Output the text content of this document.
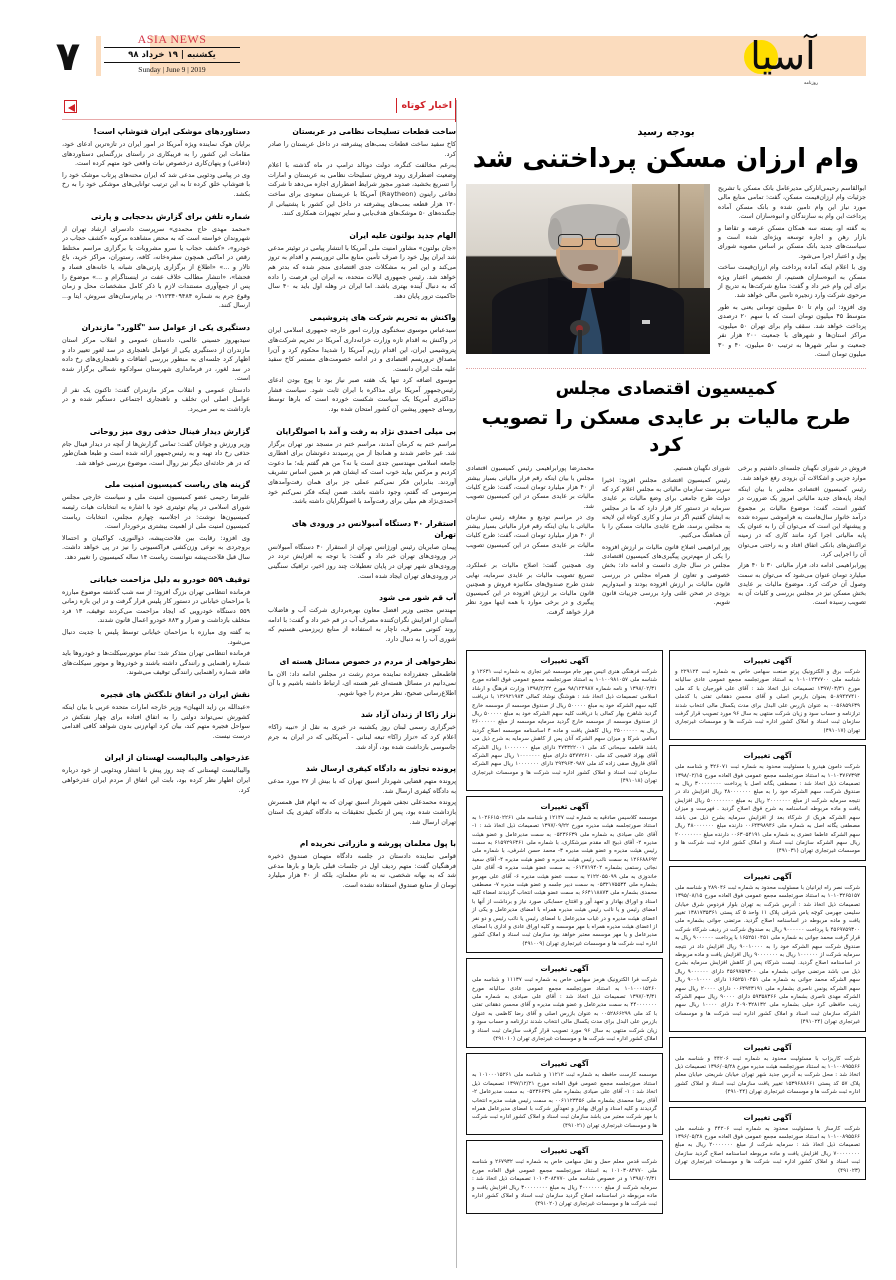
۷	ASIA NEWS
یکشنبه | ۱۹ خرداد ۹۸
Sunday | June 9 | 2019	آسیا
روزنامه
اخبار کوتاه
دستاوردهای موشکی ایران فتوشاپ است!

برایان هوک نماینده ویژه آمریکا در امور ایران در تازه‌ترین ادعای خود، مقامات این کشور را به فریبکاری در راستای بزرگنمایی دستاوردهای (دفاعی) و پنهان‌کاری درخصوص نیات واقعی خود متهم کرده است.

وی در پیامی ودئویی مدعی شد که ایران محنه‌های پرتاب موشک خود را با فتوشاپ خلق کرده تا به این ترتیب توانایی‌های موشکی خود را به رخ بکشد.

شماره تلفن برای گزارش بدحجابی و پارتی

«محمد مهدی حاج محمدی» سرپرست دادسرای ارشاد تهران از شهروندان خواسته است که به محض مشاهده مرکوبه «کشف حجاب در خودرو»، «کشف حجاب یا سرو مشروبات یا برگزاری مراسم مختلط رقص در اماکنی همچون سفره‌خانه، کافه، رستوران، مراکز خرید، باغ تالار و ...» «اطلاع از برگزاری پارتی‌های شبانه یا خانه‌های فساد و فحشا»، «انتشار مطالب خلاف عفت در اینستاگرام و ...» موضوع را پس از جمع‌آوری مستندات لازم با ذکر کامل مشخصات محل و زمان وقوع جرم به شماره ۰۹۱۲۳۴۰۹۴۸۴ در پیام‌رسان‌های سروش، ایتا و... ارسال کنند.

دستگیری یکی از عوامل سد "گلورد" مازندران

سیدبهروز حسینی عالمی، دادستان عمومی و انقلاب مرکز استان مازندران از دستگیری یکی از عوامل ناهنجاری در سد لغور تعییر داد و اظهار کرد جلسه‌ای به منظور بررسی اتفاقات و ناهنجاری‌های رخ داده در سد لغور، در فرمانداری شهرستان سوادکوه شمالی برگزار شده است.

دادستان عمومی و انقلاب مرکز مازندران گفت: تاکنون یک نفر از عوامل اصلی این تخلف و ناهنجاری اجتماعی دستگیر شده و در بازداشت به سر می‌برد.

گزارش دیدار فینال حذفی روی میز روحانی

وزیر ورزش و جوانان گفت: تمامی گزارش‌ها از آنچه در دیدار فینال جام حذفی رخ داد تهیه و به رئیس‌جمهور ارائه شده است و طبعا همان‌طور که در هر حادثه‌ای دیگر نیز روال است، موضوع بررسی خواهد شد.

گزینه های ریاست کمیسیون امنیت ملی

علیرضا رحیمی عضو کمیسیون امنیت ملی و سیاست خارجی مجلس شورای اسلامی در پیام توئیتری خود با اشاره به انتخابات هیات رئیسه کمیسیون‌ها نوشت: در اجلاسیه چهارم مجلس، انتخابات ریاست کمیسیون امنیت ملی از اهمیت بیشتری برخوردار است.

وی افزود: رقابت بین فلاحت‌پیشه، ذوالنوری، کواکبیان و احتمالا بروجردی به نوعی وزن‌کشی فراکسیونی را نیز در پی خواهد داشت. سال قبل فلاحت‌پیشه نتوانست ریاست ۱۴ ساله کمیسیون را تغییر دهد.

توقیف ۵۵۹ خودرو به دلیل مزاحمت خیابانی

فرمانده انتظامی تهران بزرگ افزود: از سه شب گذشته موضوع مبارزه با مزاحمان خیابانی در دستور کار پلیس قرار گرفت و در این بازه زمانی ۵۵۹ دستگاه خودرویی که ایجاد مزاحمت می‌کردند توقیف، ۱۳ فرد متخلف بازداشت و ضرار و ۸۸۳ خودرو اعمال قانون شدند.

به گفته وی مبارزه با مزاحمان خیابانی توسط پلیس با جدیت دنبال می‌شود.

فرمانده انتظامی تهران متذکر شد: تمام موتورسیکلت‌ها و خودروها باید شماره راهنمایی و رانندگی داشته باشند و خودروها و موتور سیکلت‌های فاقد شماره راهنمایی رانندگی توقیف می‌شوند.

نقش ایران در اتفاق تلنگکش های فجیره

«عبدالله بن زاید النهیان» وزیر خارجه امارات متحده عربی با بیان اینکه کشورش نمی‌تواند دولتی را به اتفاق افتاده برای چهار نفتکش در سواحل فجیره متهم کند، بیان کرد اتهام‌زنی بدون شواهد کافی اقدامی درست نیست.

عذرخواهی والیبالیست لهستان از ایران

والیبالیست لهستانی که چند روز پیش با انتشار ویدئویی از خود درباره ایران اظهار نظر کرده بود، بابت این اتفاق از مردم ایران عذرخواهی کرد.

ساخت قطعات تسلیحات نظامی در عربستان

کاخ سفید ساخت قطعات بمب‌های پیشرفته در داخل عربستان را صادر کرد.

به‌رغم مخالفت کنگره، دولت دونالد ترامپ در ماه گذشته با اعلام وضعیت اضطراری روند فروش تسلیحات نظامی به عربستان و امارات را تسریع بخشید، صدور مجوز شرایط اضطراری اجازه می‌دهد تا شرکت دفاعی راینون (Raytheon) آمریکا با عربستان سعودی برای ساخت ۱۲۰ هزار قطعه بمب‌های پیشرفته در داخل این کشور با پشتیبانی از جنگنده‌های ۵۰ موشک‌های هدف‌یابی و سایر تجهیزات همکاری کنند.

الهام جدید بولتون علیه ایران

«جان بولتون» مشاور امنیت ملی آمریکا با انتشار پیامی در توئیتر مدعی شد ایران پول خود را صرف تأمین منابع مالی تروریسم و اقدام به تروز می‌کند و این امر به مشکلات جدی اقتصادی منجر شده که بدتر هم خواهد شد. رئیس جمهوری ایالات متحده، به ایران این فرصت را داده که به دنبال آینده بهتری باشد. اما ایران در وهله اول باید به ۴۰ سال حاکمیت ترور پایان دهد.

واکنش به تحریم شرکت های پتروشیمی

سیدعباس موسوی سخنگوی وزارت امور خارجه جمهوری اسلامی ایران در واکنش به اقدام تازه وزارت خزانه‌داری آمریکا در تحریم شرکت‌های پتروشیمی ایران، این اقدام رژیم آمریکا را شدیدا محکوم کرد و آن‌را مصداق تروریسم اقتصادی و در ادامه خصومت‌های مستمر کاخ سفید علیه ملت ایران دانست.

موسوی اضافه کرد تنها یک هفته صبر نیاز بود تا پوچ بودن ادعای رئیس‌جمهور آمریکا برای مذاکره با ایران ثابت شود. سیاست فشار حداکثری آمریکا یک سیاست شکست خورده است که بارها توسط روسای جمهور پیشین آن کشور امتحان شده بود.

بی میلی احمدی نژاد به رفت و آمد با اصولگرایان

مراسم ختم به کرمان آمدند، مراسم ختم در مسجد نور تهران برگزار شد. غیر حاضر شدند و همانجا از من پرسیدند دعوتشان برای افطاری جامعه اسلامی مهندسین جدی است یا نه؟ من هم گفتم بله؛ ما دعوت کردیم و مرکس بیاید خوب است که ایشان هم بر همین اساس تشریف آوردند. بنابراین فکر نمی‌کنم عملی جز برای همان رفت‌وآمدهای مرسومی که گفتم، وجود داشته باشد. ضمن اینکه فکر نمی‌کنم خود احمدی‌نژاد هم میلی برای رفت‌وآمد با اصولگرایان داشته باشد.

استقرار ۴۰ دستگاه آمبولانس در ورودی های تهران

پیمان صابریان رئیس اورژانس تهران از استقرار ۴۰ دستگاه آمبولانس در ورودی‌های تهران خبر داد و گفت: با توجه به افزایش تردد در ورودی‌های شهر تهران در پایان تعطیلات چند روز اخیر، ترافیک سنگینی در ورودی‌های تهران ایجاد شده است.

آب قم شور می شود

مهندس مجتبی وزیر افضل معاون بهره‌برداری شرکت آب و فاضلاب استان از افزایش نگران‌کننده مصرف آب در قم خبر داد و گفت: با ادامه روند کنونی مصرف، ناچار به استفاده از منابع زیرزمینی هستیم که شوری آب را به دنبال دارد.

نظرخواهی از مردم در خصوص مسائل هسته ای

فاطمعلی جعفرزاده نماینده مردم رشت در مجلس ادامه داد: الان ما نمی‌دانیم در مسائل هسته‌ای غیر هسته ای، ارتباط داشته باشیم و با آن اطلاع‌رسانی صحیح، نظر مردم را جویا شویم.

نزار زاکا از زندان آزاد شد

خبرگزاری رسمی لبنان روز یکشنبه در خبری به نقل از «نبیه زاکا» اعلام کرد که «نزار زاکا» تبعه لبنانی - آمریکایی که در ایران به جرم جاسوسی بازداشت شده بود، آزاد شد.

پرونده تجاوز به دادگاه کیفری ارسال شد

پرونده متهم قضایی شهردار اسبق تهران که با بیش از ۲۷ مورد مدعی به دادگاه کیفری ارسال شد.

پرونده محمدعلی نجفی شهردار اسبق تهران که به اتهام قتل همسرش بازداشت شده بود، پس از تکمیل تحقیقات به دادگاه کیفری یک استان تهران ارسال شد.

با پول معلمان پورشه و مازراتی نخریده ام

قوامی نماینده دادستان در جلسه دادگاه متهمان صندوق ذخیره فرهنگیان گفت: متهم ردیف اول در جلسات قبلی بارها و بارها مدعی شد که به بهانه شخصی، نه به نام معلمان، بلکه از ۴۰ هزار میلیارد تومان از منابع صندوق استفاده نشده است.

بودجه رسید
وام ارزان مسکن پرداختنی شد

ابوالقاسم رحیمی‌انارکی مدیرعامل بانک مسکن با تشریح جزئیات وام ارزان‌قیمت مسکن، گفت: تمامی منابع مالی مورد نیاز این وام تامین شده و بانک مسکن آماده پرداخت این وام به سازندگان و انبوه‌سازان است.

به گفته او، بسته سه همکان مسکن عرضه و تقاضا و بازار رهن و اجاره توسعه ویژه‌ای شده است و سیاست‌های جدید بانک مسکن بر اساس مصوبه شورای پول و اعتبار اجرا می‌شود.

وی با اعلام اینکه آماده پرداخت وام ارزان‌قیمت ساخت مسکن به انبوه‌سازان هستیم، از تخصیص اعتبار ویژه برای این وام خبر داد و گفت: منابع شرکت‌ها به تدریج از مرحوی شرکت وارد زنجیره تامین مالی خواهد شد.

وی افزود: این وام تا ۵۰ میلیون تومانی یعنی به طور متوسط ۴۵ میلیون تومان است که با سهم ۲۰ درصدی پرداخت خواهد شد. سقف وام برای تهران ۵۰ میلیون، مراکز استان‌ها و شهرهای با جمعیت ۲۰۰ هزار نفر جمعیت و سایر شهرها به ترتیب ۵۰ میلیون، ۴۰ و ۳۰ میلیون تومان است.

کمیسیون اقتصادی مجلس
طرح مالیات بر عایدی مسکن را تصویب کرد

محمدرضا پورابراهیمی رئیس کمیسیون اقتصادی مجلس با بیان اینکه رقم فرار مالیاتی بسیار بیشتر از ۴۰ هزار میلیارد تومان است، گفت: طرح کلیات مالیات بر عایدی مسکن در این کمیسیون تصویب شد.

وی در مراسم تودیع و معارفه رئیس سازمان مالیاتی با بیان اینکه رقم فرار مالیاتی بسیار بیشتر از ۴۰ هزار میلیارد تومان است، گفت: طرح کلیات مالیات بر عایدی مسکن در این کمیسیون تصویب شد.

وی همچنین گفت: اصلاح مالیات بر عملکرد، تسریع تصویب مالیات بر عایدی سرمایه، نهایی شدن طرح صندوق‌های مکانیزه فروش و همچنین قانون مالیات بر ارزش افزوده در این کمیسیون پیگیری و در برخی موارد با همه اینها مورد نظر قرار خواهد گرفت.

شورای نگهبان هستیم.

رئیس کمیسیون اقتصادی مجلس افزود: اخیرا سرپرست سازمان مالیاتی به مجلس اعلام کرد که دولت طرح جامعی برای وضع مالیات بر عایدی سرمایه در دستور کار قرار دارد که ما در مجلس به ایشان گفتیم اگر در ساز و کاری کوتاه این لایحه به مجلس برسد، طرح عایدی مالیات مسکن را با آن هماهنگ می‌کنیم.

پور ابراهیمی اصلاح قانون مالیات بر ارزش افزوده را یکی از مهم‌ترین پیگیری‌های کمیسیون اقتصادی مجلس در سال جاری دانست و ادامه داد: بخش خصوصی و تعاون از همراه مجلس در بررسی قانون مالیات بر ارزش افزوده بودند و امیدواریم بزودی در صحن علنی وارد بررسی جزییات قانون شویم.

فروش در شورای نگهبان جلسه‌ای داشتیم و برخی موارد جزیی و اشکالات آن بزودی رفع خواهد شد.

رئیس کمیسیون اقتصادی مجلس با بیان اینکه ایجاد پایه‌های جدید مالیاتی امروز یک ضرورت در کشور است، گفت: موضوع مالیات بر مجموع درآمد خانوار سال‌هاست به فراموشی سپرده شده و پیشنهاد این است که می‌توان آن را به عنوان یک پایه مالیاتی اجرا کرد مانند کاری که در زمینه تراکنش‌های بانکی اتفاق افتاد و به راحتی می‌توان آن را اجرایی کرد.

پورابراهیمی ادامه داد، فرار مالیاتی ۳۰ تا ۴۰ هزار میلیارد تومان عنوان می‌شود که می‌توان به سمت وصول آن حرکت کرد. موضوع مالیات بر عایدی بخش مسکن نیز در مجلس بررسی و کلیات آن به تصویب رسیده است.

آگهی تغییرات
شرکت فرهنگی هنری اتیس مهر جام موسسه غیر تجاری به شماره ثبت ۱۲۶۳۱ و شناسه ملی ۱۰۱۰۰۹۸۱۰۵۷ به استناد صورتجلسه مجمع عمومی فوق العاده مورخ ۱۳۹۸/۰۲/۳۱ و نامه شماره ۹۸/۱۲۴۹۸۷ مورخ ۱۳۹۸/۲/۲۲ وزارت فرهنگ و ارشاد اسلامی تصمیمات ذیل اتخاذ شد : هوشنگ نوشاد کمالی ۱۳۶۹۲۱۹۸۳ با دریافت کلیه سهم الشرکه خود به مبلغ ۵۰۰۰۰۰ ریال از صندوق موسسه از موسسه خارج گردید شاهرخ بهار کمالی با دریافت کلیه سهم الشرکه خود به مبلغ ۵۰۰۰۰۰ ریال از صندوق موسسه از موسسه خارج گردید سرمایه موسسه از مبلغ ۲۶۰۰۰۰۰۰ ریال به ۲۵۰۰۰۰۰۰ ریال کاهش یافت و ماده ۴ اساسنامه موسسه اصلاح گردید اسامی شرکا و میزان سهم الشرکه آنان پس از کاهش سرمایه به شرح ذیل می باشد فاطمه سبحانی کد ملی ۴۷۳۳۲۲۰۰۱ دارای مبلغ ۱۰۰۰۰۰۰۰ ریال الشرکه آقای بهزاد لاهیجی کد ملی ۵۴۷۷۲۶۱۰ دارای مبلغ ۱۰۰۰۰۰۰۰ ریال سهم الشرکه آقای فاروق صفی زاده کد ملی ۲۹۴۹۶۳۰۹۸۷ دارای ۱۰۰۰۰۰۰۰ ریال سهم الشرکه سازمان ثبت اسناد و املاک کشور اداره ثبت شرکت ها و موسسات غیرتجاری تهران (۴۹۱۰۱۸)
آگهی تغییرات
موسسه کلاسیس صادقیه به شماره ثبت ۱۲۱۴۷ و شناسه ملی ۱۰۲۶۶۱۵۰۲۲۶۱ به استناد صورتجلسه هیئت مدیره مورخ ۱۳۹۷/۰۹/۲۲ تصمیمات ذیل اتخاذ شد : ۱- آقای علی صیادی به شماره ملی ۰۵۲۳۶۶۳۹ به سمت مدیرعامل و عضو هیئت مدیره ۲- آقای ذبیح اله مقدم میرشکاری، با شماره ملی ۶۱۵۹۲۹۶۳۶۱ به سمت رئیس هیئت مدیره و عضو هیئت مدیره ۳- محمد حسن اشرفی، با شماره ملی ۱۲۶۶۸۸۶۹۲ به سمت نائب رئیس هیئت مدیره و عضو هیئت مدیره ۴- آقای سعید نجاتی رستمی بشماره ۰۶۱۴۷۱۹۴۰۲ به سمت عضو هیئت مدیره ۵- آقای علی خاندوزی به ملی ۲۱۲۲۰۵۵۰۹۹ به سمت عضو هیئت مدیره ۶- آقای علی مهرجو بشماره ملی ۰۵۳۲۱۷۵۵۳۴ به سمت دبیر جلسه و عضو هیئت مدیره ۷- مصطفی محمدی بشماره ملی ۶۶۴۱۱۸۸۷۳ به سمت عضو هیئت انتخاب گردیدند امضاء کلیه اسناد و اوراق بهادار و تعهد آور و افتتاح حسابکی صورد نیاز و برداشت از آنها با امضای رئیس و یا نائب رئیس هیئت مدیره همراه با امضای مدیرعامل و یکی از اعضای هیئت مدیره و در غیاب مدیرعامل با امضای رئیس یا نائب رئیس و دو نفر از اعضای هیئت مدیره همراه با مهر موسسه و کلیه اوراق عادی و اداری با امضای مدیرعامل و یا مهر موسسه معتبر خواهد بود سازمان ثبت اسناد و املاک کشور اداره ثبت شرکت ها و موسسات غیرتجاری تهران (۴۹۱۰۰۹)
آگهی تغییرات
شرکت فرا الکترونیک هرمز سهامی خاص به شماره ثبت ۱۱۱۳۷ و شناسه ملی ۱۰۱۰۰۰۱۵۴۶۰ به استناد صورتجلسه مجمع عمومی عادی سالیانه مورخ ۱۳۹۷/۰۳/۳۱ تصمیمات ذیل اتخاذ شد : آقای علی صیادی به شماره ملی ۴۴۰۰۰۰۰۰۰ به سمت مدیرعامل و عضو هیئت مدیره و آقای محسن دهقانی تفتی با کد ملی ۰۰۵۲۸۶۶۲۹۹ به عنوان بازرس اصلی و آقای رضا کاظمی به عنوان بازرس علی البدل برای مدت یکسال مالی انتخاب شدند ترازنامه و حساب سود و زیان شرکت منتهی به سال ۹۶ مورد تصویب قرار گرفت سازمان ثبت اسناد و املاک کشور اداره ثبت شرکت ها و موسسات غیرتجاری تهران (۴۹۱۰۱۰)
آگهی تغییرات
موسسه کارست حافظه به شماره ثبت ۱۱۲۱۲ و شناسه ملی ۱۰۱۰۰۰۱۵۲۶۱ به استناد صورتجلسه مجمع عمومی فوق العاده مورخ ۱۳۹۷/۱۲/۲۱ تصمیمات ذیل اتخاذ شد : ۱- آقای علی صیادی بشماره ملی ۰۵۲۳۶۶۳۹ به سمت مدیرعامل ۲- آقای رضا محمدی بشماره ملی ۰۰۶۱۱۲۳۴۵۶ به سمت رئیس هیئت مدیره انتخاب گردیدند و کلیه اسناد و اوراق بهادار و تعهدآور شرکت با امضای مدیرعامل همراه با مهر شرکت معتبر می باشد سازمان ثبت اسناد و املاک کشور اداره ثبت شرکت ها و موسسات غیرتجاری تهران (۴۹۱۰۲۱)
آگهی تغییرات
شرکت قدس معلم حمل و نقل سهامی خاص به شماره ثبت ۲۶۷۹۳۲ و شناسه ملی ۱۰۱۰۳۰۸۴۷۷۰ به استناد صورتجلسه مجمع عمومی فوق العاده مورخ ۱۳۹۸/۰۲/۳۱ و در خصوص شناسه ملی ۱۰۱۰۳۰۸۴۷۷۰ تصمیمات ذیل اتخاذ شد : سرمایه شرکت از مبلغ ۴۰۰۰۰۰۰۰ ریال به مبلغ ۳۰۰۰۰۰۰۰۰ ریال افزایش یافت و ماده مربوطه در اساسنامه اصلاح گردید سازمان ثبت اسناد و املاک کشور اداره ثبت شرکت ها و موسسات غیرتجاری تهران (۴۹۱۰۲۰)
آگهی تغییرات
شرکت برق و الکترونیک پرتو صنعت سهامی خاص به شماره ثبت ۲۲۹۱۲۴ و شناسه ملی ۱۰۱۰۱۲۳۷۷۰۰ به استناد صورتجلسه مجمع عمومی عادی سالیانه مورخ ۱۳۹۷/۰۳/۳۱ تصمیمات ذیل اتخاذ شد : آقای علی قورجیان با کد ملی ۵۰۸۹۴۲۷۴۱۰ بعنوان بازرس اصلی و آقای محسن دهقانی تفتی با کدملی ۰۰۵۶۸۵۹۶۳۹ به عنوان بازرس علی البدل برای مدت یکسال مالی انتخاب شدند ترازنامه و حساب سود و زیان شرکت منتهی به سال ۹۶ مورد تصویب قرار گرفت سازمان ثبت اسناد و املاک کشور اداره ثبت شرکت ها و موسسات غیرتجاری تهران (۴۹۱۰۱۷)
آگهی تغییرات
شرکت دامون هیدرو با مسئولیت محدود به شماره ثبت ۳۲۶۰۷۱ و شناسه ملی ۱۰۱۰۳۷۶۷۳۹۳ به استناد صورتجلسه مجمع عمومی فوق العاده مورخ ۱۳۹۸/۰۲/۱۵ تصمیمات ذیل اتخاذ شد : مصطفی یگانه اصل با پرداخت ۳۰۰۰۰۰۰۰۰ ریال به صندوق شرکت، سهم الشرکه خود را به مبلغ ۴۸۰۰۰۰۰۰۰ ریال افزایش داد در نتیجه سرمایه شرکت از مبلغ ۲۰۰۰۰۰۰۰ ریال به مبلغ ۵۰۰۰۰۰۰۰۰ ریال افزایش یافت و ماده مربوطه اساسنامه به شرح فوق اصلاح گردید . فهرست و میزان سهم الشرکه هریک از شرکاء بعد از افزایش سرمایه بشرح ذیل می باشد مصطفی یگانه اصل به شماره ملی ۰۰۶۴۳۹۸۹۴۶ دارنده مبلغ ۴۸۰۰۰۰۰۰۰ ریال سهم الشرکه عاطما عضری به شماره ملی ۰۰۶۳۰۵۴۱۹۱ دارنده مبلغ ۲۰۰۰۰۰۰۰۰ ریال سهم الشرکه سازمان ثبت اسناد و املاک کشور اداره ثبت شرکت ها و موسسات غیرتجاری تهران (۴۹۱۰۳۱)
آگهی تغییرات
شرکت نصر راه ایرانیان با مسئولیت محدود به شماره ثبت ۲۸۹۰۴۶ و شناسه ملی ۱۰۱۰۳۲۶۵۱۵۷ به استناد صورتجلسه مجمع عمومی فوق العاده مورخ ۱۳۹۵/۰۸/۱۵ تصمیمات ذیل اتخاذ شد : آدرس شرکت به تهران بلوار فردوس شرق خیابان سلیمی جهرمی کوچه یاس شرقی پلاک ۱۱ واحد ۵ کد پستی ۱۳۸۱۷۳۵۳۶۱ تغییر یافت و ماده مربوطه در اساسنامه اصلاح گردید. مرتضی جوانی بشماره ملی ۴۵۶۹۷۵۹۳۰۰ با پرداخت ۹۰۰۰۰۰۰ ریال به صندوق شرکت در ردیف شرکاء شرکت قرار گرفت محمد جوانی به شماره ملی ۱۶۵۲۵۱۰۴۵۱ با پرداخت ۹۰۰۰۰۰۰ ریال به صندوق شرکت سهم الشرکه خود را به ۹۰۰۱۰۰۰۰ ریال افزایش داد در نتیجه سرمایه شرکت از ۱۰۰۰۰۰۰ ریال به ۹۰۰۰۰۰۰۰ ریال افزایش یافت و ماده مربوطه در اساسنامه اصلاح گردید. لیست شرکاء پس از کاهش افزایش سرمایه بشرح ذیل می باشد مرتضی جوانی بشماره ملی ۴۵۶۹۷۵۹۳۰۰ دارای ۹۰۰۰۰۰۰ ریال سهم الشرکه محمد جوانی به شماره ملی ۱۶۵۲۵۱۰۴۵۱ دارای ۹۰۰۱۰۰۰۰ ریال سهم الشرکه یونس ناصری بشماره ملی ۰۰۶۴۹۴۳۱۹۱ دارای ۲۰۰۰۰ ریال سهم الشرکه مهدی ناصری بشماره ملی ۵۹۳۵۸۳۶۶ دارای ۹۰۰۰۰ ریال سهم الشرکه زینب حافظی کرد خیلی بشماره ملی ۲۰۹۰۳۲۸۱۳۲ دارای ۱۰۰۰۰ ریال سهم الشرکه سازمان ثبت اسناد و املاک کشور اداره ثبت شرکت ها و موسسات غیرتجاری تهران (۴۹۱۰۲۴)
آگهی تغییرات
شرکت کاریزاب با مسئولیت محدود به شماره ثبت ۴۴۲۰۶ و شناسه ملی ۱۰۱۰۰۸۹۵۵۶۶ به استناد صورتجلسه هیئت مدیره مورخ ۱۳۹۶/۰۵/۲۸ تصمیمات ذیل اتخاذ شد : محل شرکت به آدرس جدید شهر تهران خیابان شریعتی خیابان معلم پلاک ۵۷ کد پستی ۱۵۳۹۶۸۸۶۶۱ تغییر یافت سازمان ثبت اسناد و املاک کشور اداره ثبت شرکت ها و موسسات غیرتجاری تهران (۴۹۱۰۴۴)
آگهی تغییرات
شرکت کارساز با مسئولیت محدود به شماره ثبت ۴۴۲۰۶ و شناسه ملی ۱۰۱۰۰۸۹۵۵۶۶ به استناد صورتجلسه مجمع عمومی فوق العاده مورخ ۱۳۹۶/۰۵/۲۸ تصمیمات ذیل اتخاذ شد : سرمایه شرکت از مبلغ ۲۰۰۰۰۰۰۰ ریال به مبلغ ۷۰۰۰۰۰۰۰۰ ریال افزایش یافت و ماده مربوطه اساسنامه اصلاح گردید سازمان ثبت اسناد و املاک کشور اداره ثبت شرکت ها و موسسات غیرتجاری تهران (۴۹۱۰۲۳)
